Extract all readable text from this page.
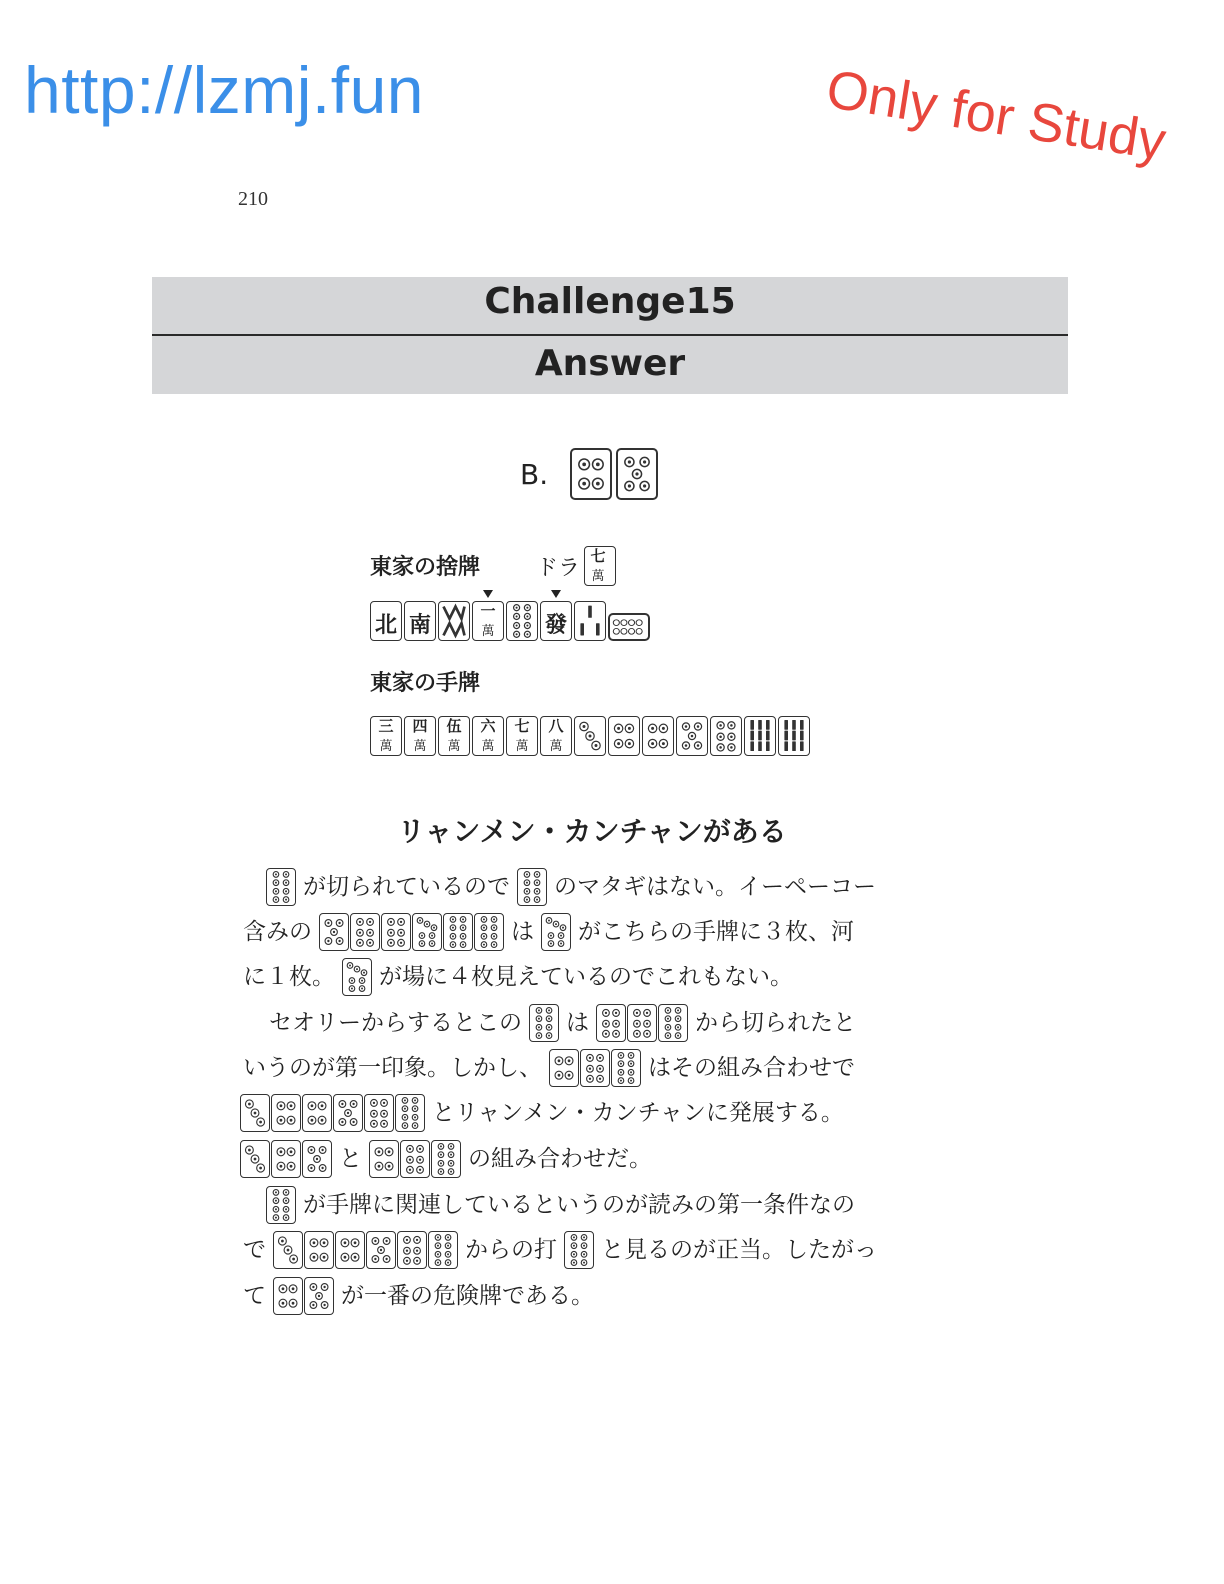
http://lzmj.fun	Only for Study
210
Challenge15
Answer
B.
東家の捨牌	ドラ 七
萬
北 南
一
萬	發
東家の手牌
三
萬
四
萬
伍
萬
六
萬
七
萬
八
萬
リャンメン・カンチャンがある
が切られているので のマタギはない。イーペーコー
含みの	は がこちらの手牌に３枚、河
に１枚。 が場に４枚見えているのでこれもない。
セオリーからするとこの は	から切られたと
いうのが第一印象。しかし、	はその組み合わせで
とリャンメン・カンチャンに発展する。
と	の組み合わせだ。
が手牌に関連しているというのが読みの第一条件なの
で	からの打 と見るのが正当。したがっ
て	が一番の危険牌である。
